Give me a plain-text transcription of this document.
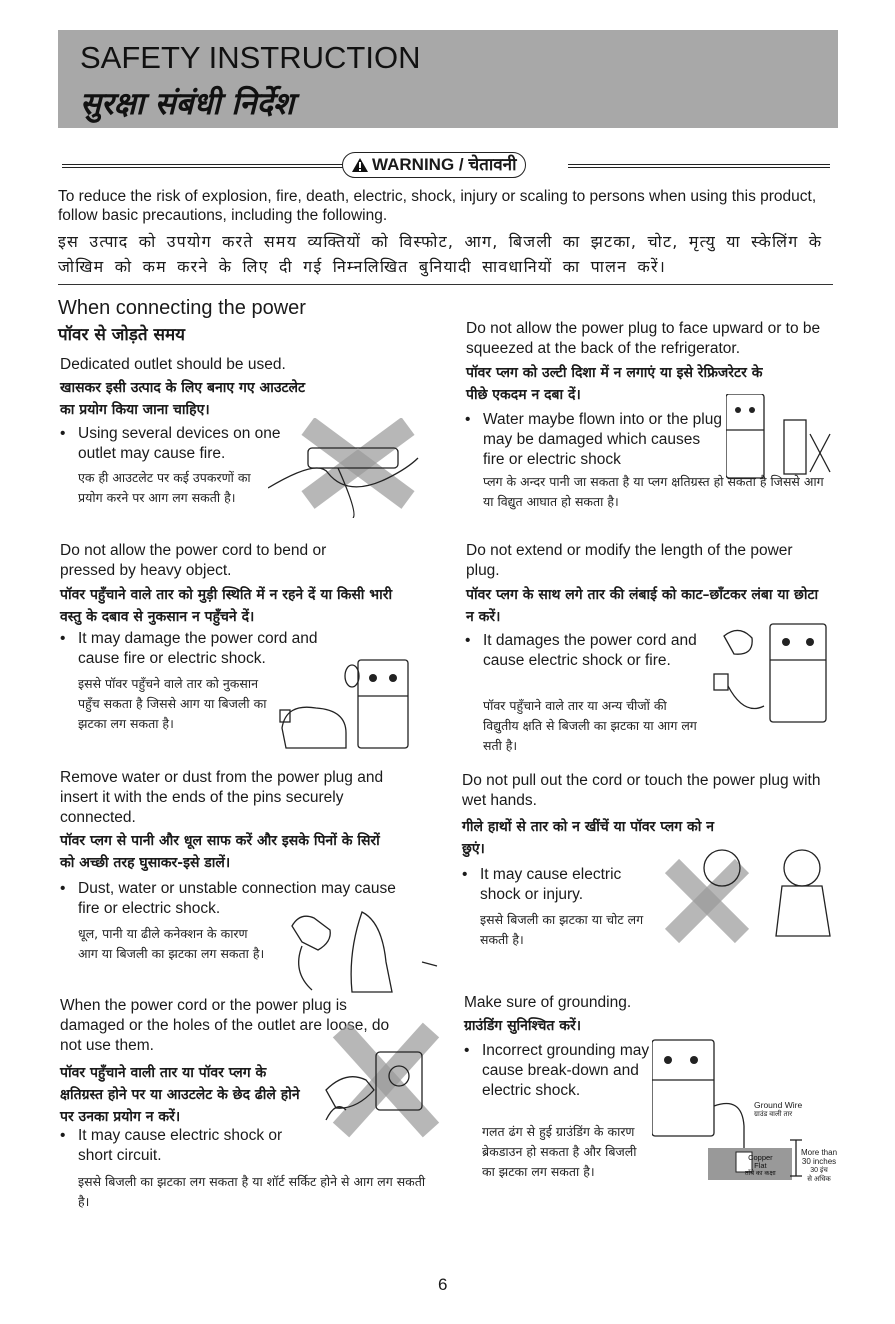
SAFETY INSTRUCTION
सुरक्षा संबंधी निर्देश
WARNING / चेतावनी
To reduce the risk of explosion, fire, death, electric, shock, injury or scaling to persons when using this product, follow basic precautions, including the following.
इस उत्पाद को उपयोग करते समय व्यक्तियों को विस्फोट, आग, बिजली का झटका, चोट, मृत्यु या स्केलिंग के जोखिम को कम करने के लिए दी गई निम्नलिखित बुनियादी सावधानियों का पालन करें।
When connecting the power
पॉवर से जोड़ते समय
Dedicated outlet should be used.
खासकर इसी उत्पाद के लिए बनाए गए आउटलेट का प्रयोग किया जाना चाहिए।
• Using several devices on one outlet may cause fire.
एक ही आउटलेट पर कई उपकरणों का प्रयोग करने पर आग लग सकती है।
Do not allow the power cord to bend or pressed by heavy object.
पॉवर पहुँचाने वाले तार को मुड़ी स्थिति में न रहने दें या किसी भारी वस्तु के दबाव से नुकसान न पहुँचने दें।
• It may damage the power cord and cause fire or electric shock.
इससे पॉवर पहुँचने वाले तार को नुकसान पहुँच सकता है जिससे आग या बिजली का झटका लग सकता है।
Remove water or dust from the power plug and insert it with the ends of the pins securely connected.
पॉवर प्लग से पानी और धूल साफ करें और इसके पिनों के सिरों को अच्छी तरह घुसाकर-इसे डालें।
• Dust, water or unstable connection may cause fire or electric shock.
धूल, पानी या ढीले कनेक्शन के कारण आग या बिजली का झटका लग सकता है।
When the power cord or the power plug is damaged or the holes of the outlet are loose, do not use them.
पॉवर पहुँचाने वाली तार या पॉवर प्लग के क्षतिग्रस्त होने पर या आउटलेट के छेद ढीले होने पर उनका प्रयोग न करें।
• It may cause electric shock or short circuit.
इससे बिजली का झटका लग सकता है या शॉर्ट सर्किट होने से आग लग सकती है।
Do not allow the power plug to face upward or to be squeezed at the back of the refrigerator.
पॉवर प्लग को उल्टी दिशा में न लगाएं या इसे रेफ्रिजरेटर के पीछे एकदम न दबा दें।
• Water maybe flown into or the plug may be damaged which causes fire or electric shock
प्लग के अन्दर पानी जा सकता है या प्लग क्षतिग्रस्त हो सकता है जिससे आग या विद्युत आघात हो सकता है।
Do not extend or modify the length of the power plug.
पॉवर प्लग के साथ लगे तार की लंबाई को काट–छाँटकर लंबा या छोटा न करें।
• It damages the power cord and cause electric shock or fire.
पॉवर पहुँचाने वाले तार या अन्य चीजों की विद्युतीय क्षति से बिजली का झटका या आग लग सती है।
Do not pull out the cord or touch the power plug with wet hands.
गीले हाथों से तार को न खींचें या पॉवर प्लग को न छुएं।
• It may cause electric shock or injury.
इससे बिजली का झटका या चोट लग सकती है।
Make sure of grounding.
ग्राउंडिंग सुनिश्चित करें।
• Incorrect grounding may cause break-down and electric shock.
गलत ढंग से हुई ग्राउंडिंग के कारण ब्रेकडाउन हो सकता है और बिजली का झटका लग सकता है।
Ground Wire
ग्राउंड वाली तार
Copper
Flat
ताँबे का कक्षा
More than
30 inches
30 इंच
से अधिक
6
